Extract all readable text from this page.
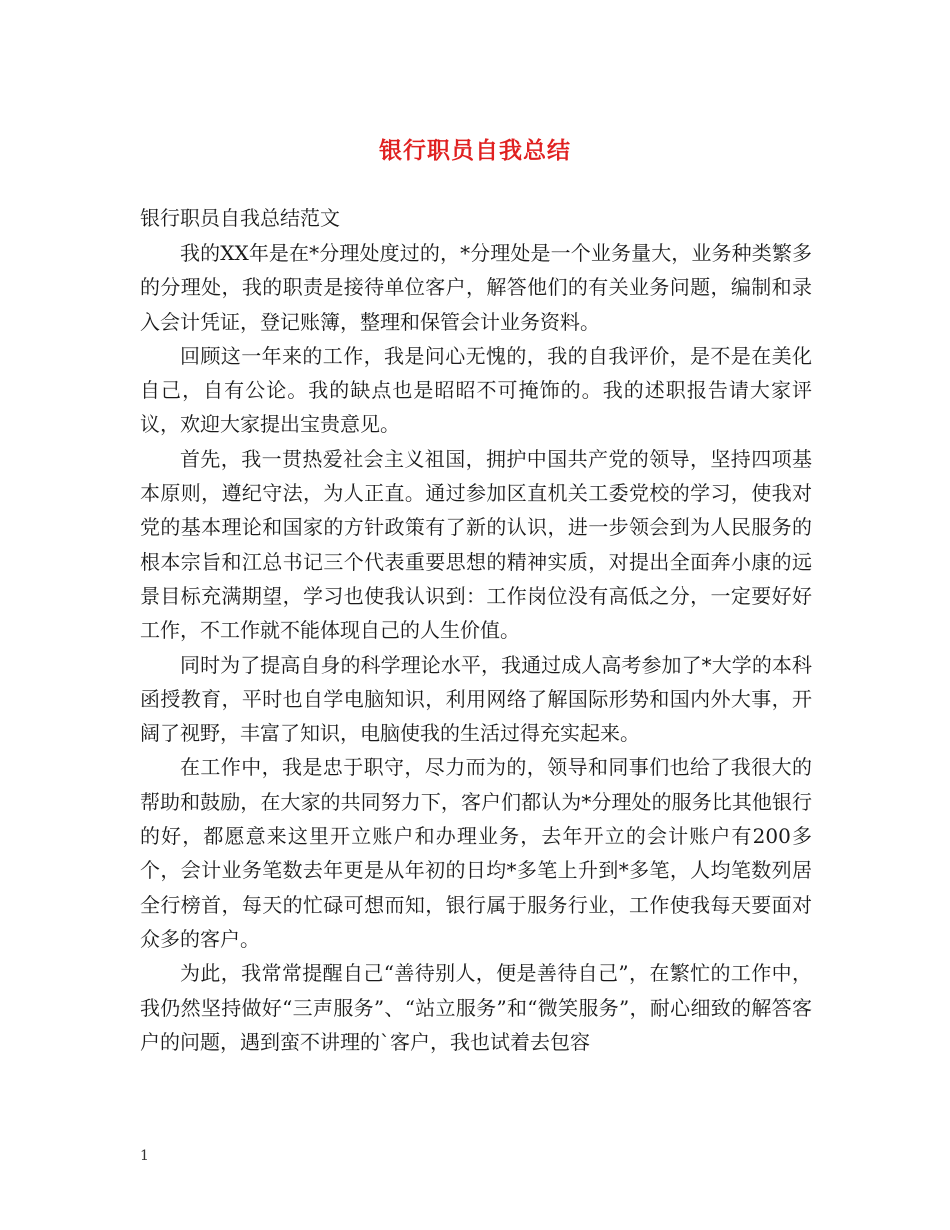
银行职员自我总结
银行职员自我总结范文

我的XX年是在*分理处度过的，*分理处是一个业务量大，业务种类繁多的分理处，我的职责是接待单位客户，解答他们的有关业务问题，编制和录入会计凭证，登记账簿，整理和保管会计业务资料。

回顾这一年来的工作，我是问心无愧的，我的自我评价，是不是在美化自己，自有公论。我的缺点也是昭昭不可掩饰的。我的述职报告请大家评议，欢迎大家提出宝贵意见。

首先，我一贯热爱社会主义祖国，拥护中国共产党的领导，坚持四项基本原则，遵纪守法，为人正直。通过参加区直机关工委党校的学习，使我对党的基本理论和国家的方针政策有了新的认识，进一步领会到为人民服务的根本宗旨和江总书记三个代表重要思想的精神实质，对提出全面奔小康的远景目标充满期望，学习也使我认识到：工作岗位没有高低之分，一定要好好工作，不工作就不能体现自己的人生价值。

同时为了提高自身的科学理论水平，我通过成人高考参加了*大学的本科函授教育，平时也自学电脑知识，利用网络了解国际形势和国内外大事，开阔了视野，丰富了知识，电脑使我的生活过得充实起来。

在工作中，我是忠于职守，尽力而为的，领导和同事们也给了我很大的帮助和鼓励，在大家的共同努力下，客户们都认为*分理处的服务比其他银行的好，都愿意来这里开立账户和办理业务，去年开立的会计账户有200多个，会计业务笔数去年更是从年初的日均*多笔上升到*多笔，人均笔数列居全行榜首，每天的忙碌可想而知，银行属于服务行业，工作使我每天要面对众多的客户。

为此，我常常提醒自己“善待别人，便是善待自己”，在繁忙的工作中，我仍然坚持做好“三声服务”、“站立服务”和“微笑服务”，耐心细致的解答客户的问题，遇到蛮不讲理的`客户，我也试着去包容

1
